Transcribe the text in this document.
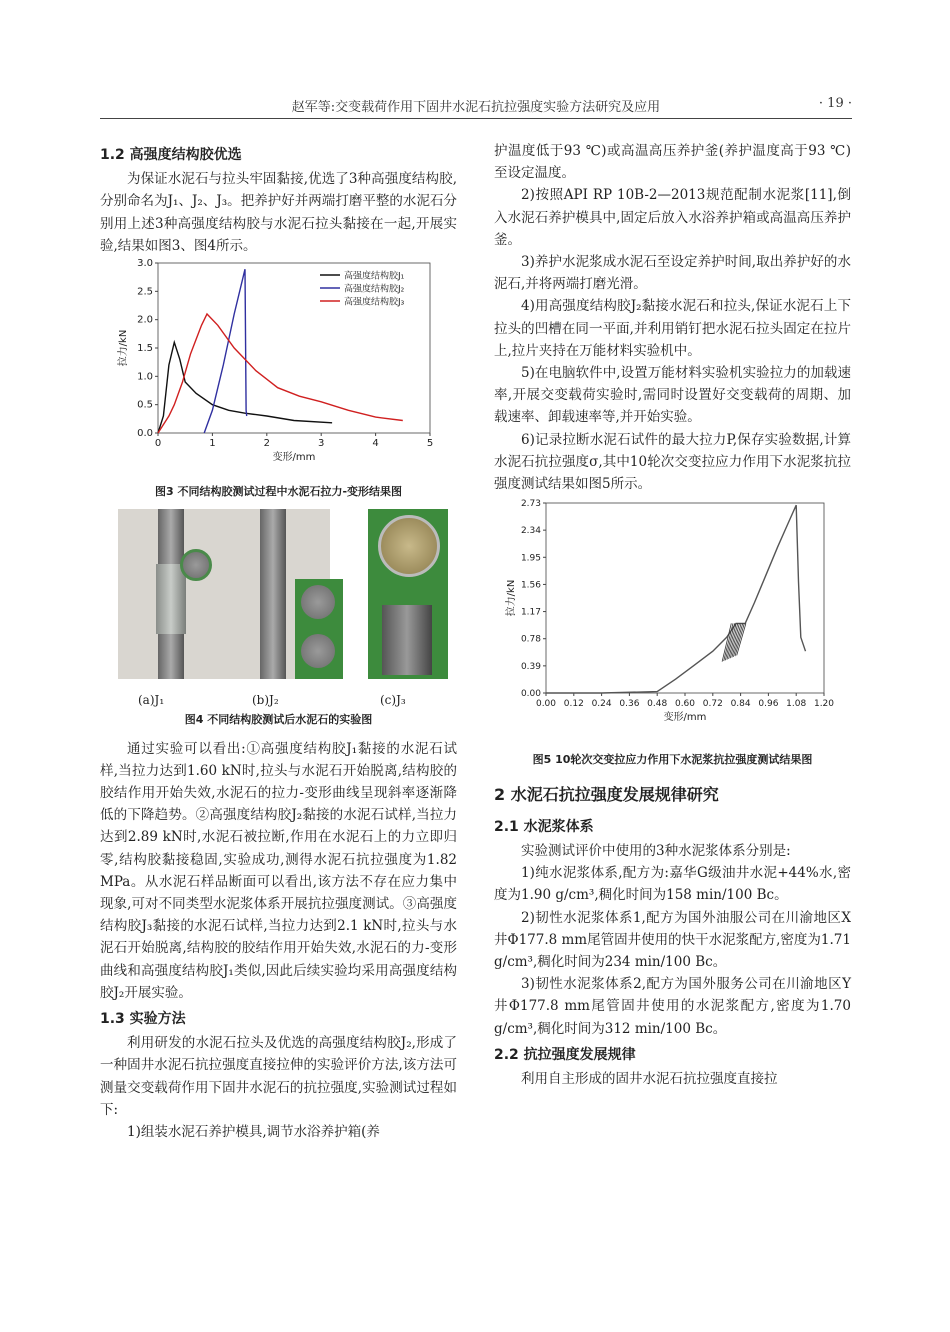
赵军等:交变载荷作用下固井水泥石抗拉强度实验方法研究及应用	· 19 ·
1.2 高强度结构胶优选

为保证水泥石与拉头牢固黏接,优选了3种高强度结构胶,分别命名为J₁、J₂、J₃。把养护好并两端打磨平整的水泥石分别用上述3种高强度结构胶与水泥石拉头黏接在一起,开展实验,结果如图3、图4所示。

0	1	2	3	4	5
0.0
0.5
1.0
1.5
2.0
2.5
3.0
变形/mm
拉力/kN
高强度结构胶J₁
高强度结构胶J₂
高强度结构胶J₃
图3 不同结构胶测试过程中水泥石拉力-变形结果图
(a)J₁	(b)J₂	(c)J₃
图4 不同结构胶测试后水泥石的实验图

通过实验可以看出:①高强度结构胶J₁黏接的水泥石试样,当拉力达到1.60 kN时,拉头与水泥石开始脱离,结构胶的胶结作用开始失效,水泥石的拉力-变形曲线呈现斜率逐渐降低的下降趋势。②高强度结构胶J₂黏接的水泥石试样,当拉力达到2.89 kN时,水泥石被拉断,作用在水泥石上的力立即归零,结构胶黏接稳固,实验成功,测得水泥石抗拉强度为1.82 MPa。从水泥石样品断面可以看出,该方法不存在应力集中现象,可对不同类型水泥浆体系开展抗拉强度测试。③高强度结构胶J₃黏接的水泥石试样,当拉力达到2.1 kN时,拉头与水泥石开始脱离,结构胶的胶结作用开始失效,水泥石的力-变形曲线和高强度结构胶J₁类似,因此后续实验均采用高强度结构胶J₂开展实验。

1.3 实验方法

利用研发的水泥石拉头及优选的高强度结构胶J₂,形成了一种固井水泥石抗拉强度直接拉伸的实验评价方法,该方法可测量交变载荷作用下固井水泥石的抗拉强度,实验测试过程如下:

1)组装水泥石养护模具,调节水浴养护箱(养

护温度低于93 ℃)或高温高压养护釜(养护温度高于93 ℃)至设定温度。

2)按照API RP 10B-2—2013规范配制水泥浆[11],倒入水泥石养护模具中,固定后放入水浴养护箱或高温高压养护釜。

3)养护水泥浆成水泥石至设定养护时间,取出养护好的水泥石,并将两端打磨光滑。

4)用高强度结构胶J₂黏接水泥石和拉头,保证水泥石上下拉头的凹槽在同一平面,并利用销钉把水泥石拉头固定在拉片上,拉片夹持在万能材料实验机中。

5)在电脑软件中,设置万能材料实验机实验拉力的加载速率,开展交变载荷实验时,需同时设置好交变载荷的周期、加载速率、卸载速率等,并开始实验。

6)记录拉断水泥石试件的最大拉力P,保存实验数据,计算水泥石抗拉强度σ,其中10轮次交变拉应力作用下水泥浆抗拉强度测试结果如图5所示。

0.00 0.12 0.24 0.36 0.48 0.60 0.72 0.84 0.96 1.08 1.20
0.00
0.39
0.78
1.17
1.56
1.95
2.34
2.73
变形/mm
拉力/kN
图5 10轮次交变拉应力作用下水泥浆抗拉强度测试结果图
2 水泥石抗拉强度发展规律研究
2.1 水泥浆体系

实验测试评价中使用的3种水泥浆体系分别是:

1)纯水泥浆体系,配方为:嘉华G级油井水泥+44%水,密度为1.90 g/cm³,稠化时间为158 min/100 Bc。

2)韧性水泥浆体系1,配方为国外油服公司在川渝地区X井Φ177.8 mm尾管固井使用的快干水泥浆配方,密度为1.71 g/cm³,稠化时间为234 min/100 Bc。

3)韧性水泥浆体系2,配方为国外服务公司在川渝地区Y井Φ177.8 mm尾管固井使用的水泥浆配方,密度为1.70 g/cm³,稠化时间为312 min/100 Bc。

2.2 抗拉强度发展规律

利用自主形成的固井水泥石抗拉强度直接拉
